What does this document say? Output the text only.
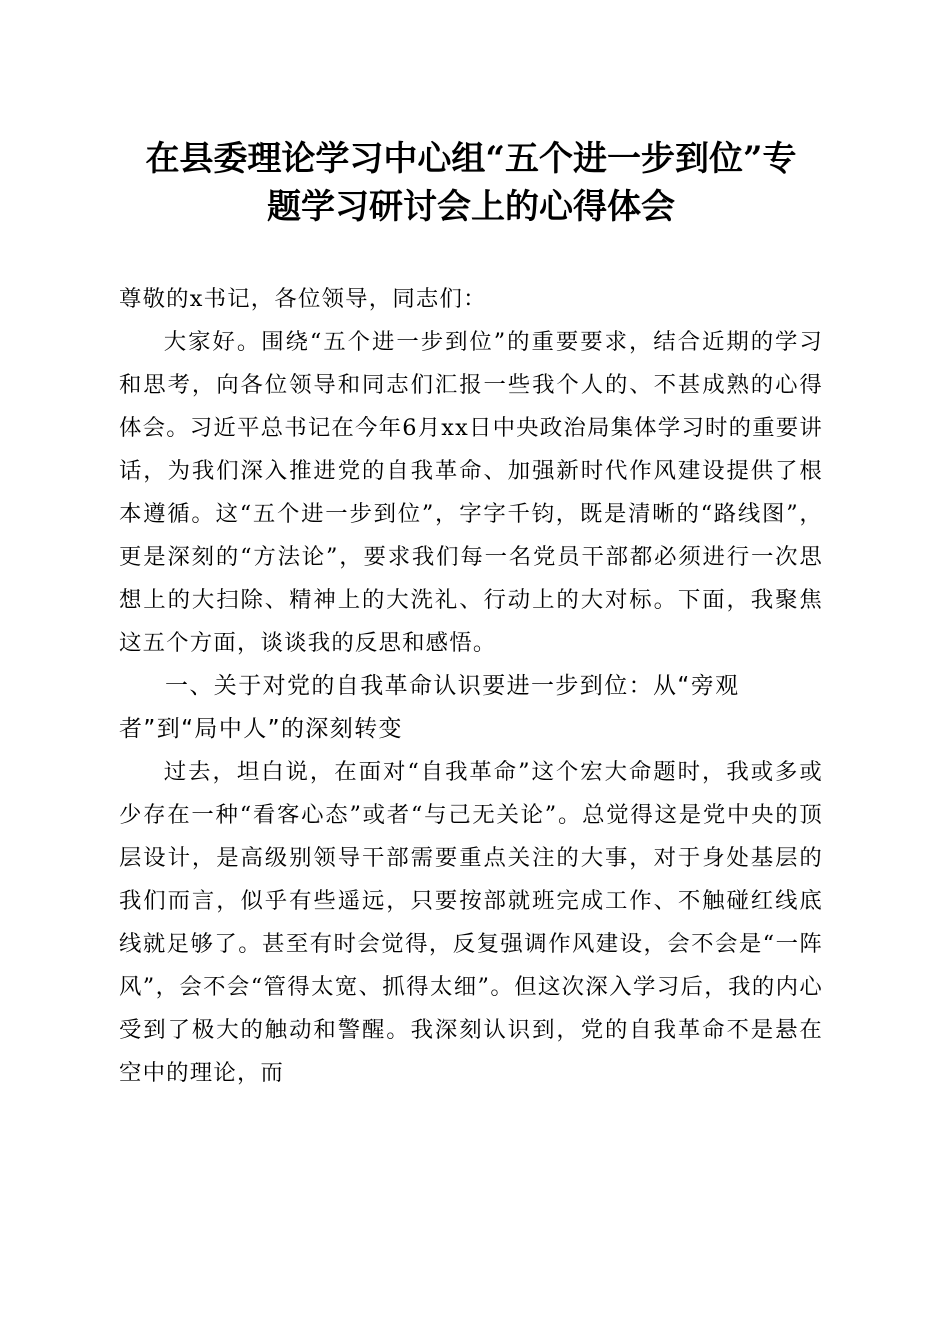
在县委理论学习中心组“五个进一步到位”专
题学习研讨会上的心得体会

尊敬的x书记，各位领导，同志们：

大家好。围绕“五个进一步到位”的重要要求，结合近期的学习和思考，向各位领导和同志们汇报一些我个人的、不甚成熟的心得体会。习近平总书记在今年6月xx日中央政治局集体学习时的重要讲话，为我们深入推进党的自我革命、加强新时代作风建设提供了根本遵循。这“五个进一步到位”，字字千钧，既是清晰的“路线图”，更是深刻的“方法论”，要求我们每一名党员干部都必须进行一次思想上的大扫除、精神上的大洗礼、行动上的大对标。下面，我聚焦这五个方面，谈谈我的反思和感悟。

一、关于对党的自我革命认识要进一步到位：从“旁观者”到“局中人”的深刻转变

过去，坦白说，在面对“自我革命”这个宏大命题时，我或多或少存在一种“看客心态”或者“与己无关论”。总觉得这是党中央的顶层设计，是高级别领导干部需要重点关注的大事，对于身处基层的我们而言，似乎有些遥远，只要按部就班完成工作、不触碰红线底线就足够了。甚至有时会觉得，反复强调作风建设，会不会是“一阵风”，会不会“管得太宽、抓得太细”。但这次深入学习后，我的内心受到了极大的触动和警醒。我深刻认识到，党的自我革命不是悬在空中的理论，而
